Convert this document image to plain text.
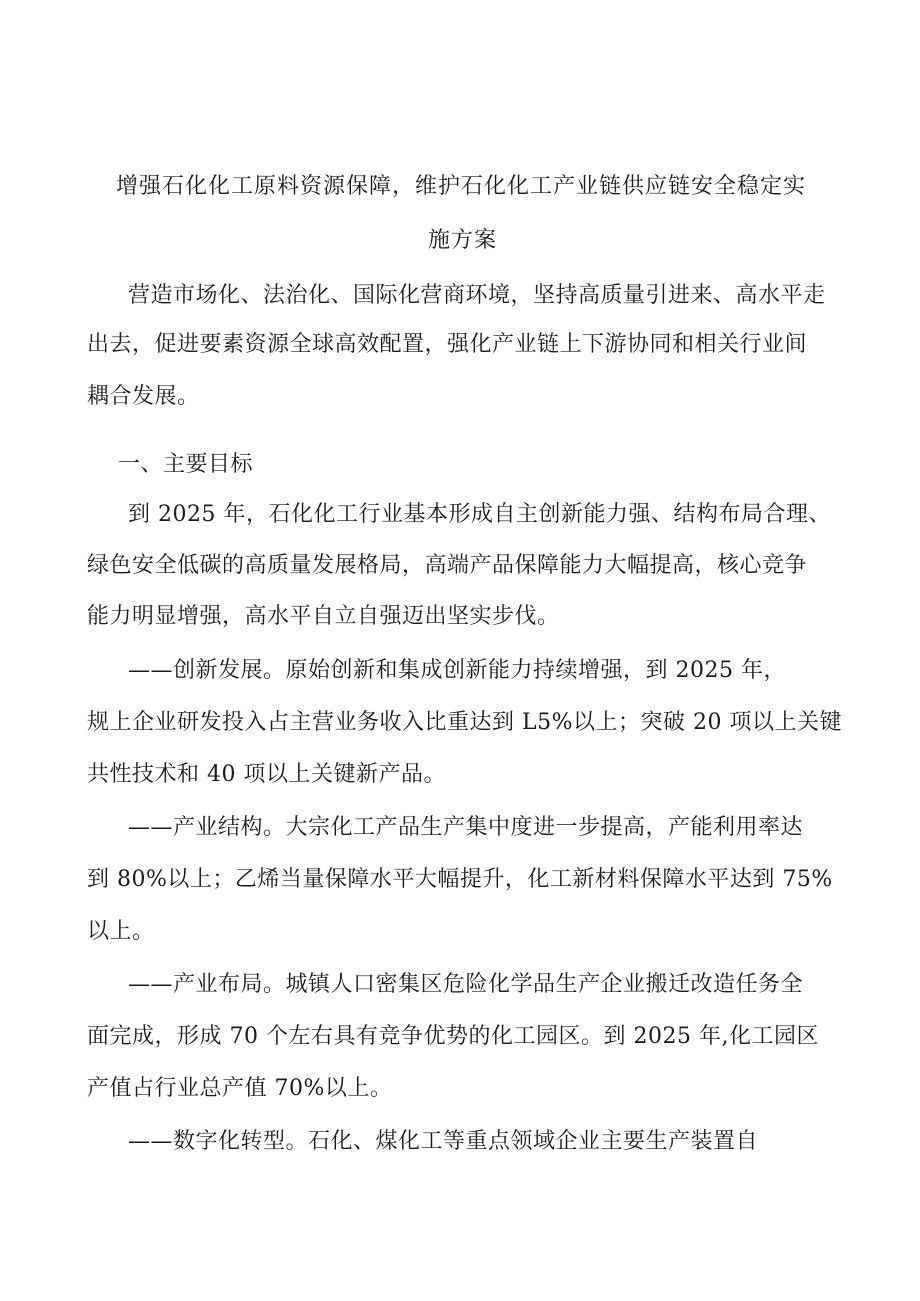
增强石化化工原料资源保障，维护石化化工产业链供应链安全稳定实
施方案
营造市场化、法治化、国际化营商环境，坚持高质量引进来、高水平走
出去，促进要素资源全球高效配置，强化产业链上下游协同和相关行业间
耦合发展。
一、主要目标
到 2025 年，石化化工行业基本形成自主创新能力强、结构布局合理、
绿色安全低碳的高质量发展格局，高端产品保障能力大幅提高，核心竞争
能力明显增强，高水平自立自强迈出坚实步伐。
——创新发展。原始创新和集成创新能力持续增强，到 2025 年，
规上企业研发投入占主营业务收入比重达到 L5%以上；突破 20 项以上关键
共性技术和 40 项以上关键新产品。
——产业结构。大宗化工产品生产集中度进一步提高，产能利用率达
到 80%以上；乙烯当量保障水平大幅提升，化工新材料保障水平达到 75%
以上。
——产业布局。城镇人口密集区危险化学品生产企业搬迁改造任务全
面完成，形成 70 个左右具有竞争优势的化工园区。到 2025 年,化工园区
产值占行业总产值 70%以上。
——数字化转型。石化、煤化工等重点领域企业主要生产装置自
